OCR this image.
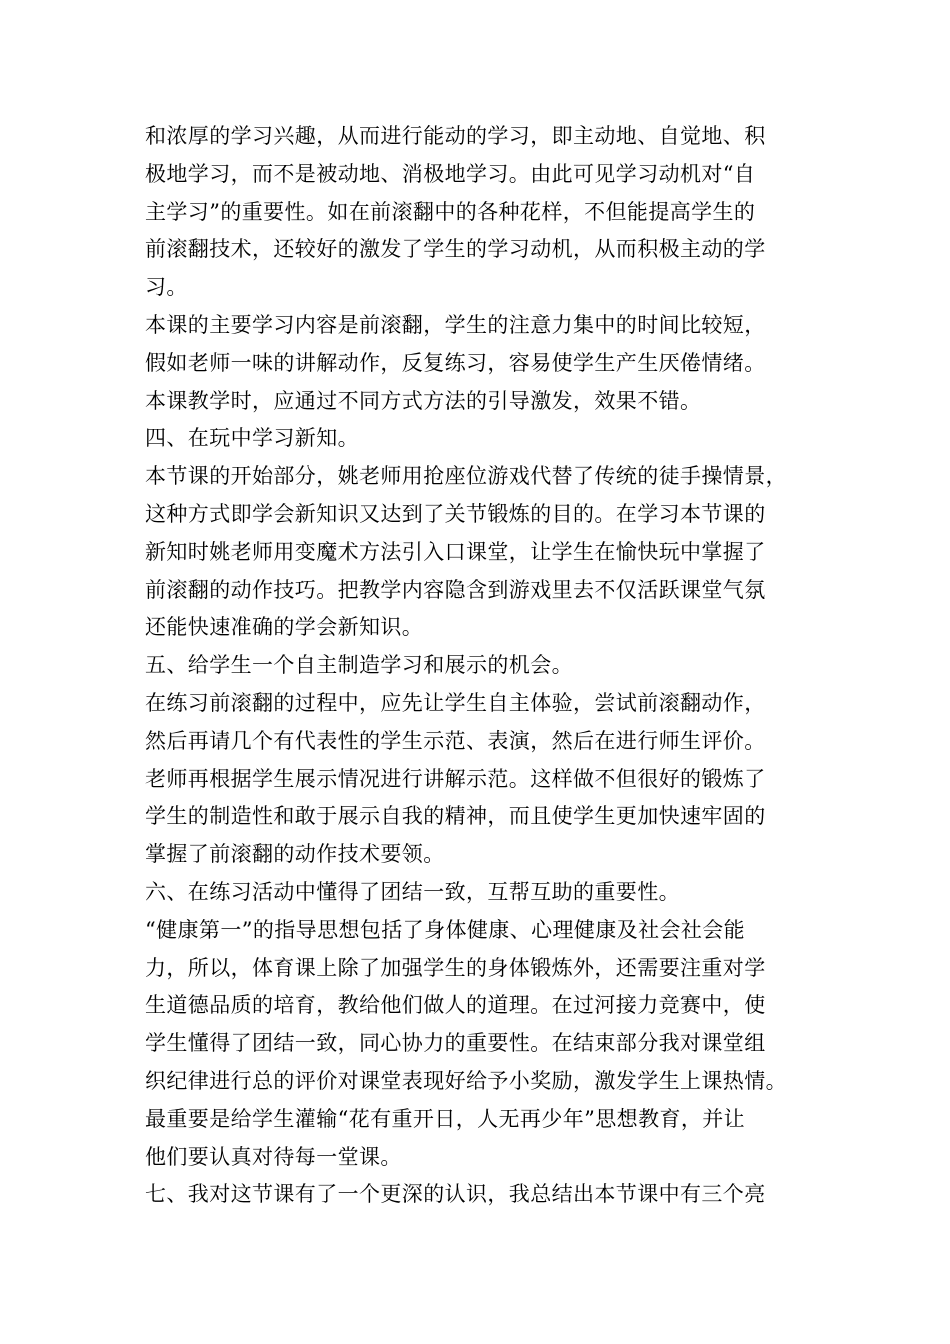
和浓厚的学习兴趣，从而进行能动的学习，即主动地、自觉地、积
极地学习，而不是被动地、消极地学习。由此可见学习动机对“自
主学习”的重要性。如在前滚翻中的各种花样，不但能提高学生的
前滚翻技术，还较好的激发了学生的学习动机，从而积极主动的学
习。
本课的主要学习内容是前滚翻，学生的注意力集中的时间比较短，
假如老师一味的讲解动作，反复练习，容易使学生产生厌倦情绪。
本课教学时，应通过不同方式方法的引导激发，效果不错。
四、在玩中学习新知。
本节课的开始部分，姚老师用抢座位游戏代替了传统的徒手操情景，
这种方式即学会新知识又达到了关节锻炼的目的。在学习本节课的
新知时姚老师用变魔术方法引入口课堂，让学生在愉快玩中掌握了
前滚翻的动作技巧。把教学内容隐含到游戏里去不仅活跃课堂气氛
还能快速准确的学会新知识。
五、给学生一个自主制造学习和展示的机会。
在练习前滚翻的过程中，应先让学生自主体验，尝试前滚翻动作，
然后再请几个有代表性的学生示范、表演，然后在进行师生评价。
老师再根据学生展示情况进行讲解示范。这样做不但很好的锻炼了
学生的制造性和敢于展示自我的精神，而且使学生更加快速牢固的
掌握了前滚翻的动作技术要领。
六、在练习活动中懂得了团结一致，互帮互助的重要性。
“健康第一”的指导思想包括了身体健康、心理健康及社会社会能
力，所以，体育课上除了加强学生的身体锻炼外，还需要注重对学
生道德品质的培育，教给他们做人的道理。在过河接力竞赛中，使
学生懂得了团结一致，同心协力的重要性。在结束部分我对课堂组
织纪律进行总的评价对课堂表现好给予小奖励，激发学生上课热情。
最重要是给学生灌输“花有重开日，人无再少年”思想教育，并让
他们要认真对待每一堂课。
七、我对这节课有了一个更深的认识，我总结出本节课中有三个亮
